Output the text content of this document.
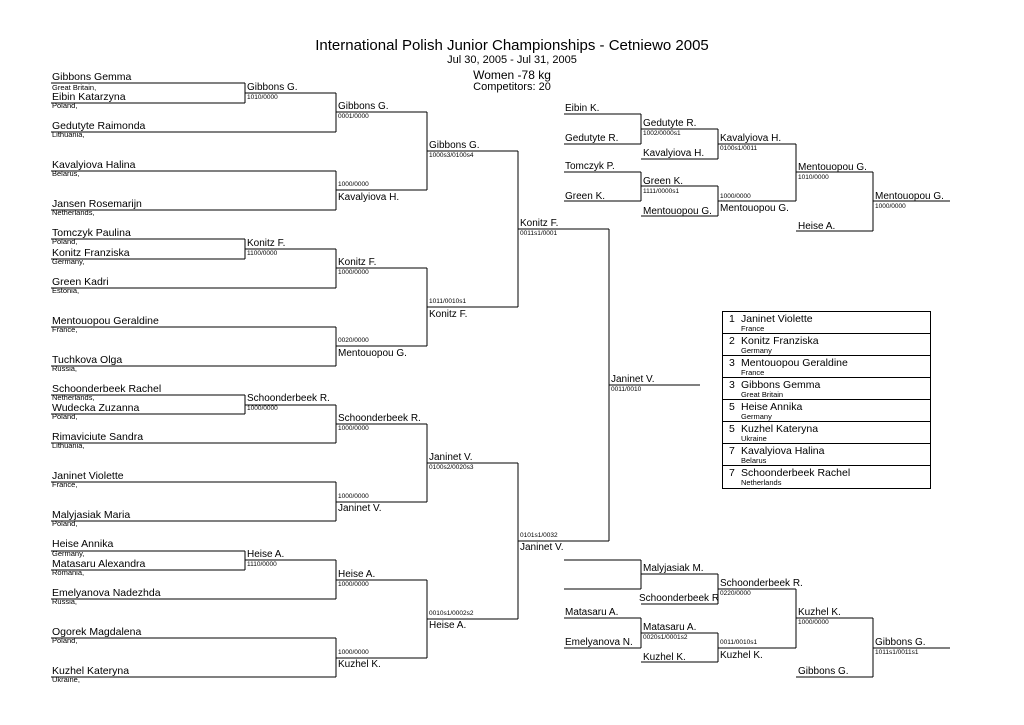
International Polish Junior Championships - Cetniewo 2005
Jul 30, 2005 - Jul 31, 2005
Women -78 kg
Competitors: 20
Gibbons Gemma
Great Britain,
Eibin Katarzyna
Poland,
Gedutyte Raimonda
Lithuania,
Kavalyiova Halina
Belarus,
Jansen Rosemarijn
Netherlands,
Tomczyk Paulina
Poland,
Konitz Franziska
Germany,
Green Kadri
Estonia,
Mentouopou Geraldine
France,
Tuchkova Olga
Russia,
Schoonderbeek Rachel
Netherlands,
Wudecka Zuzanna
Poland,
Rimaviciute Sandra
Lithuania,
Janinet Violette
France,
Malyjasiak Maria
Poland,
Heise Annika
Germany,
Matasaru Alexandra
Romania,
Emelyanova Nadezhda
Russia,
Ogorek Magdalena
Poland,
Kuzhel Kateryna
Ukraine,
Gibbons G.
1010/0000
Gibbons G.
0001/0000
1000/0000
Kavalyiova H.
Gibbons G.
1000s3/0100s4
Konitz F.
1100/0000
Konitz F.
1000/0000
0020/0000
Mentouopou G.
1011/0010s1
Konitz F.
Konitz F.
0011s1/0001
Schoonderbeek R.
1000/0000
Schoonderbeek R.
1000/0000
1000/0000
Janinet V.
Janinet V.
0100s2/0020s3
Heise A.
1110/0000
Heise A.
1000/0000
1000/0000
Kuzhel K.
0010s1/0002s2
Heise A.
0101s1/0032
Janinet V.
Janinet V.
0011/0010
Eibin K.
Gedutyte R.
Tomczyk P.
Green K.
Gedutyte R.
1002/0000s1
Kavalyiova H.
Green K.
1111/0000s1
Mentouopou G.
Kavalyiova H.
0100s1/0011
1000/0000
Mentouopou G.
Mentouopou G.
1010/0000
Heise A.
Mentouopou G.
1000/0000
Malyjasiak M.
Schoonderbeek R
Matasaru A.
Emelyanova N.
Schoonderbeek R.
0220/0000
Matasaru A.
0020s1/0001s2
Kuzhel K.
Kuzhel K.
1000/0000
0011/0010s1
Kuzhel K.
Gibbons G.
Gibbons G.
1011s1/0011s1
1 Janinet Violette
France
2 Konitz Franziska
Germany
3 Mentouopou Geraldine
France
3 Gibbons Gemma
Great Britain
5 Heise Annika
Germany
5 Kuzhel Kateryna
Ukraine
7 Kavalyiova Halina
Belarus
7 Schoonderbeek Rachel
Netherlands
